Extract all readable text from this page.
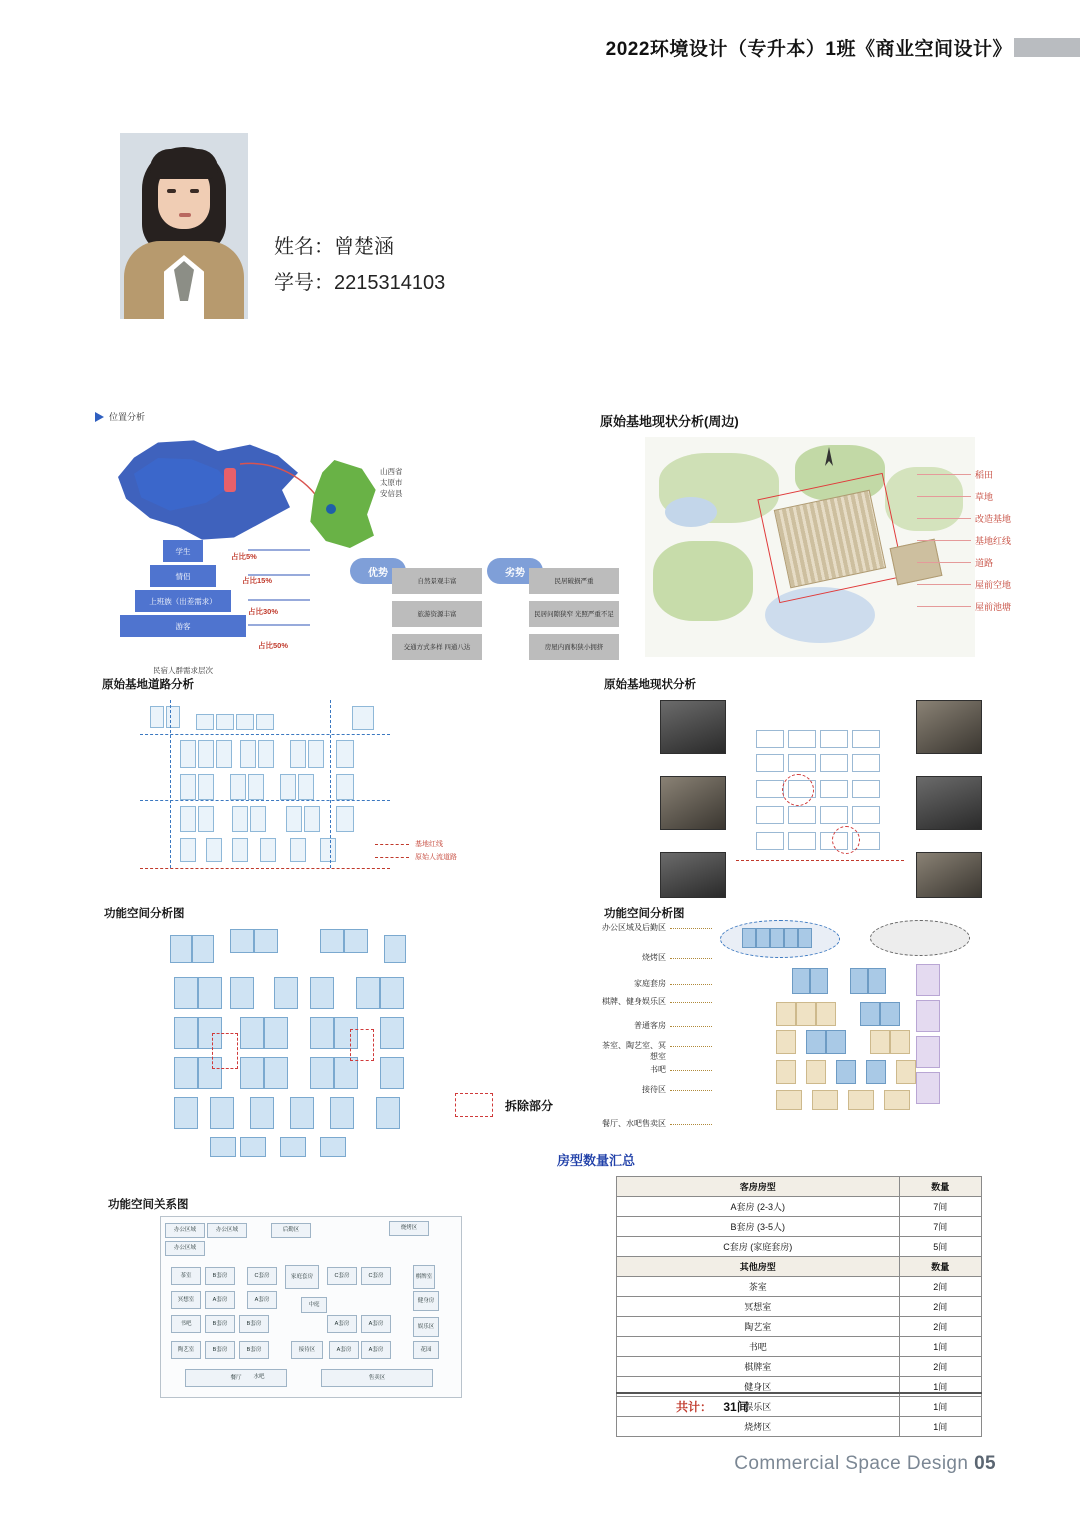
2022环境设计（专升本）1班《商业空间设计》
姓名：曾楚涵
学号：2215314103
位置分析
山西省
太原市
安信县
学生
情侣
上班族（出差需求）
游客
民宿人群需求层次
占比5%
占比15%
占比30%
占比50%
优势
自然景观丰富
旅游资源丰富
交通方式多样 四通八达
劣势
民居破损严重
民居问隙狭窄 光照严重不足
房屋内面积狭小拥挤
原始基地现状分析(周边)
稻田
草地
改造基地
基地红线
道路
屋前空地
屋前池塘
原始基地道路分析
基地红线
原始人流道路
原始基地现状分析
功能空间分析图
拆除部分
功能空间分析图
办公区域及后勤区
烧烤区
家庭套房
棋牌、健身娱乐区
普通客房
茶室、陶艺室、冥想室
书吧
接待区
餐厅、水吧售卖区
功能空间关系图
办公区域	办公区域	后勤区	烧烤区
办公区域
茶室	B套房	C套房	家庭套房	C套房	C套房	棋牌室
冥想室	A套房	A套房	健身房
书吧	B套房	B套房
中庭
A套房	A套房	娱乐区
陶艺室	B套房	B套房	接待区	A套房	A套房	花园
餐厅	水吧	售卖区
房型数量汇总
客房房型	数量
A套房 (2-3人)	7间
B套房 (3-5人)	7间
C套房 (家庭套房)	5间
其他房型	数量
茶室	2间
冥想室	2间
陶艺室	2间
书吧	1间
棋牌室	2间
健身区	1间
娱乐区	1间
烧烤区	1间
共计： 31间
Commercial Space Design 05
